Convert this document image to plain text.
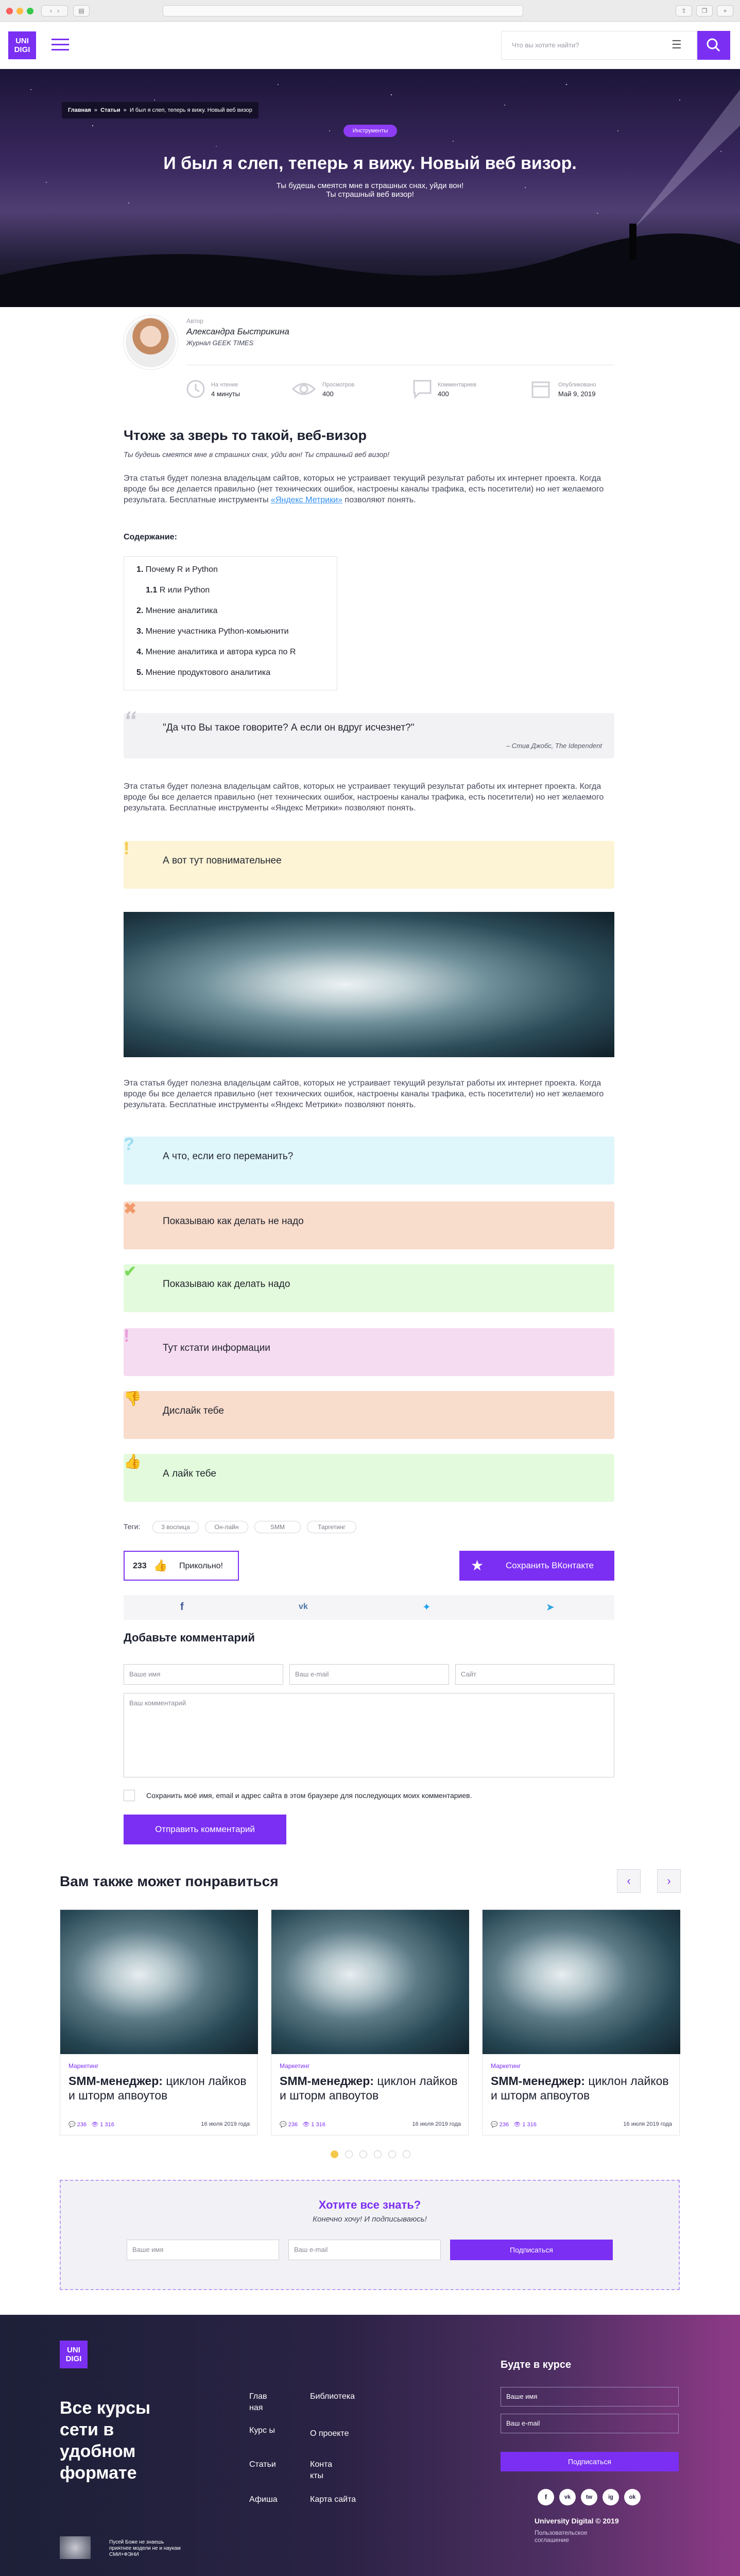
‹   ›	▤	⇪	❐	+
UNI
DIGI
Что вы хотите найти?	☰
Главная  »  Статьи  »  И был я слеп, теперь я вижу. Новый веб визор
Инструменты
И был я слеп, теперь я вижу. Новый веб визор.
Ты будешь смеятся мне в страшных снах, уйди вон!
Ты страшный веб визор!
Автор
Александра Быстрикина
Журнал GEEK TIMES
На чтение
4 минуты
Просмотров
400
Комментариев
400
Опубликовано
Май 9, 2019
Чтоже за зверь то такой, веб-визор
Ты будешь смеятся мне в страшних снах, уйди вон! Ты страшный веб визор!
Эта статья будет полезна владельцам сайтов, которых не устраивает текущий результат работы их интернет проекта. Когда вроде бы все делается правильно (нет технических ошибок, настроены каналы трафика, есть посетители) но нет желаемого результата. Бесплатные инструменты «Яндекс Метрики» позволяют понять.
Содержание:
1. Почему R и Python
1.1 R или Python
2. Мнение аналитика
3. Мнение участника Python-комьюнити
4. Мнение аналитика и автора курса по R
5. Мнение продуктового аналитика
“	"Да что Вы такое говорите? А если он вдруг исчезнет?"
– Стив Джобс, The Idependent
Эта статья будет полезна владельцам сайтов, которых не устраивает текущий результат работы их интернет проекта. Когда вроде бы все делается правильно (нет технических ошибок, настроены каналы трафика, есть посетители) но нет желаемого результата. Бесплатные инструменты «Яндекс Метрики» позволяют понять.
!
А вот тут повнимательнее
Эта статья будет полезна владельцам сайтов, которых не устраивает текущий результат работы их интернет проекта. Когда вроде бы все делается правильно (нет технических ошибок, настроены каналы трафика, есть посетители) но нет желаемого результата. Бесплатные инструменты «Яндекс Метрики» позволяют понять.
?
А что, если его переманить?
✖
Показываю как делать не надо
✔
Показываю как делать надо
!
Тут кстати информации
👎
Дислайк тебе
👍
А лайк тебе
Теги:	3 воспица	Он-лайн	SMM	Таргетинг
233 👍 Прикольно!	★	Сохранить ВКонтакте
f	vk	✦	➤
Добавьте комментарий
Ваше имя	Ваш e-mail	Сайт
Ваш комментарий
Сохранить моё имя, email и адрес сайта в этом браузере для последующих моих комментариев.
Отправить комментарий
Вам также может понравиться	‹	›
Маркетинг
SMM-менеджер: циклон лайков и шторм апвоутов
💬 236   👁 1 316	16 июля 2019 года
Маркетинг
SMM-менеджер: циклон лайков и шторм апвоутов
💬 236   👁 1 316	16 июля 2019 года
Маркетинг
SMM-менеджер: циклон лайков и шторм апвоутов
💬 236   👁 1 316	16 июля 2019 года
Хотите все знать?
Конечно хочу! И подписываюсь!
Ваше имя	Ваш e-mail	Подписаться
UNI
DIGI
Все курсы сети в удобном формате
Глав ная
Курс ы
Статьи
Афиша
Библиотека
О проекте
Конта кты
Карта сайта
Пусей Боже не знаешь приятнее модели не и наукам СМИ+ФЭНИ
Будте в курсе
Ваше имя
Ваш e-mail
Подписаться
f	vk	tw	ig	ok
University Digital © 2019
Пользовательское соглашение
